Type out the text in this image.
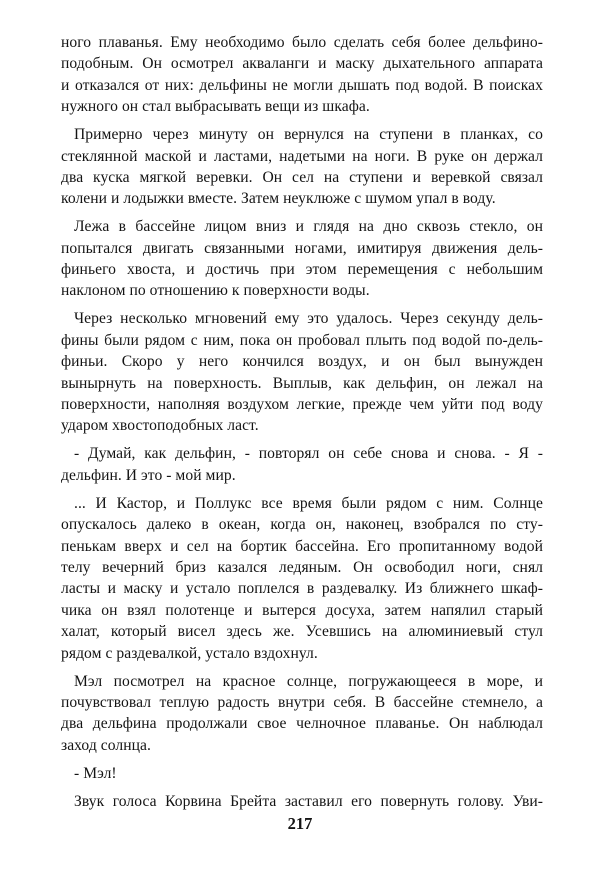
ного плаванья. Ему необходимо было сделать себя более дельфино-
подобным. Он осмотрел акваланги и маску дыхательного аппарата
и отказался от них: дельфины не могли дышать под водой. В поисках
нужного он стал выбрасывать вещи из шкафа.
Примерно через минуту он вернулся на ступени в планках, со
стеклянной маской и ластами, надетыми на ноги. В руке он держал
два куска мягкой веревки. Он сел на ступени и веревкой связал
колени и лодыжки вместе. Затем неуклюже с шумом упал в воду.
Лежа в бассейне лицом вниз и глядя на дно сквозь стекло, он
попытался двигать связанными ногами, имитируя движения дель-
финьего хвоста, и достичь при этом перемещения с небольшим
наклоном по отношению к поверхности воды.
Через несколько мгновений ему это удалось. Через секунду дель-
фины были рядом с ним, пока он пробовал плыть под водой по-дель-
финьи. Скоро у него кончился воздух, и он был вынужден
вынырнуть на поверхность. Выплыв, как дельфин, он лежал на
поверхности, наполняя воздухом легкие, прежде чем уйти под воду
ударом хвостоподобных ласт.
- Думай, как дельфин, - повторял он себе снова и снова. - Я -
дельфин. И это - мой мир.
... И Кастор, и Поллукс все время были рядом с ним. Солнце
опускалось далеко в океан, когда он, наконец, взобрался по сту-
пенькам вверх и сел на бортик бассейна. Его пропитанному водой
телу вечерний бриз казался ледяным. Он освободил ноги, снял
ласты и маску и устало поплелся в раздевалку. Из ближнего шкаф-
чика он взял полотенце и вытерся досуха, затем напялил старый
халат, который висел здесь же. Усевшись на алюминиевый стул
рядом с раздевалкой, устало вздохнул.
Мэл посмотрел на красное солнце, погружающееся в море, и
почувствовал теплую радость внутри себя. В бассейне стемнело, а
два дельфина продолжали свое челночное плаванье. Он наблюдал
заход солнца.
- Мэл!
Звук голоса Корвина Брейта заставил его повернуть голову. Уви-
217
